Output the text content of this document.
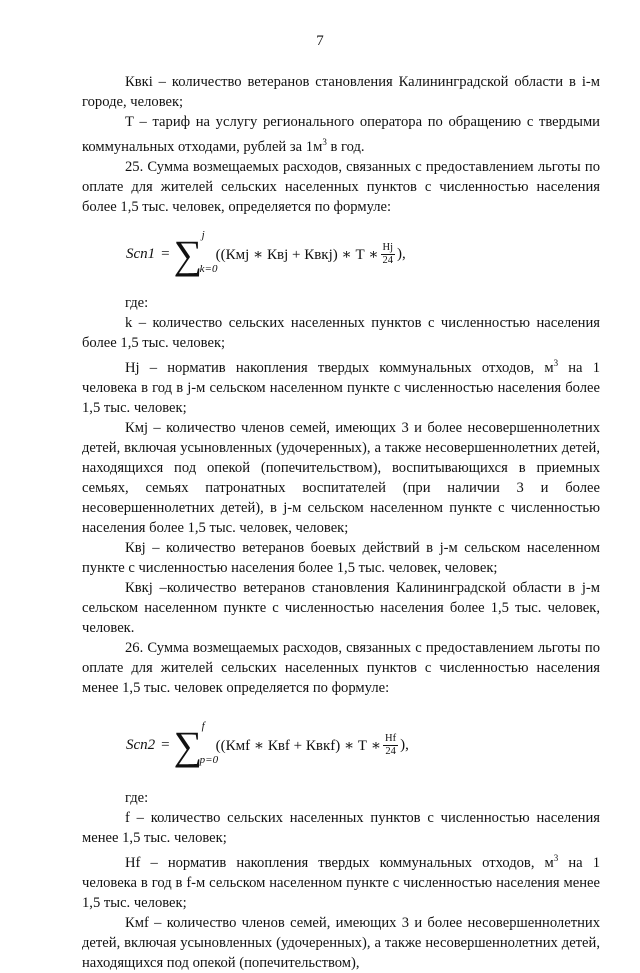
7

Квкi – количество ветеранов становления Калининградской области в i-м городе, человек;

Т – тариф на услугу регионального оператора по обращению с твердыми коммунальных отходами, рублей за $1м^3$ в год.

25. Сумма возмещаемых расходов, связанных с предоставлением льготы по оплате для жителей сельских населенных пунктов с численностью населения более 1,5 тыс. человек, определяется по формуле:

Sсп1 = ∑ j
k=0
((Кмj ∗ Квj + Квкj) ∗ Т ∗ $\frac{Нj}{24}$ ),

где:

k – количество сельских населенных пунктов с численностью населения более 1,5 тыс. человек;

Нj – норматив накопления твердых коммунальных отходов, $м^3$ на 1 человека в год в j-м сельском населенном пункте с численностью населения более 1,5 тыс. человек;

Кмj – количество членов семей, имеющих 3 и более несовершеннолетних детей, включая усыновленных (удочеренных), а также несовершеннолетних детей, находящихся под опекой (попечительством), воспитывающихся в приемных семьях, семьях патронатных воспитателей (при наличии 3 и более несовершеннолетних детей), в j-м сельском населенном пункте с численностью населения более 1,5 тыс. человек, человек;

Квj – количество ветеранов боевых действий в j-м сельском населенном пункте с численностью населения более 1,5 тыс. человек, человек;

Квкj –количество ветеранов становления Калининградской области в j-м сельском населенном пункте с численностью населения более 1,5 тыс. человек, человек.

26. Сумма возмещаемых расходов, связанных с предоставлением льготы по оплате для жителей сельских населенных пунктов с численностью населения менее 1,5 тыс. человек определяется по формуле:

Sсп2 = ∑ f
p=0
((Кмf ∗ Квf + Квкf) ∗ Т ∗ $\frac{Нf}{24}$ ),

где:

f – количество сельских населенных пунктов с численностью населения менее 1,5 тыс. человек;

Нf – норматив накопления твердых коммунальных отходов, $м^3$ на 1 человека в год в f-м сельском населенном пункте с численностью населения менее 1,5 тыс. человек;

Кмf – количество членов семей, имеющих 3 и более несовершеннолетних детей, включая усыновленных (удочеренных), а также несовершеннолетних детей, находящихся под опекой (попечительством),
